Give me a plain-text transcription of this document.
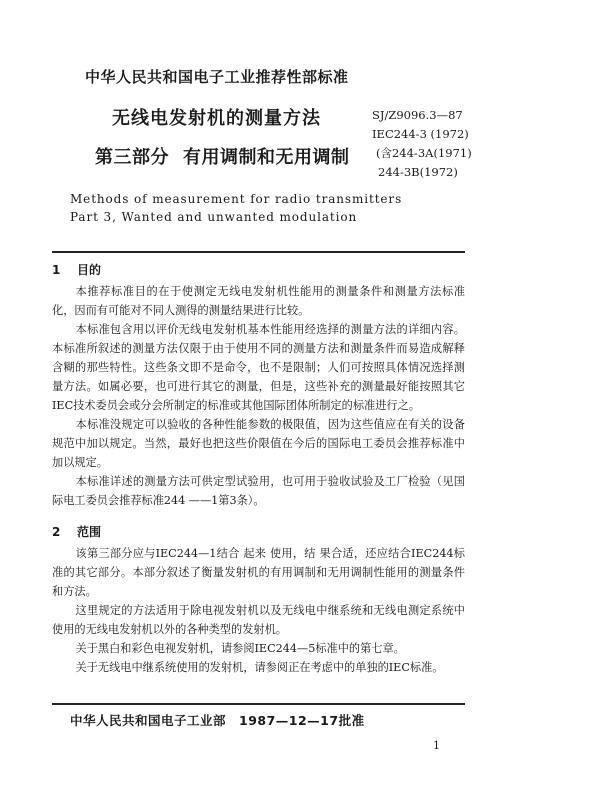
中华人民共和国电子工业推荐性部标准
无线电发射机的测量方法
第三部分 有用调制和无用调制
SJ/Z9096.3—87
IEC244-3 (1972)
(含244-3A(1971)
244-3B(1972)
Methods of measurement for radio transmitters
Part 3, Wanted and unwanted modulation
1 目的

本推荐标准目的在于使测定无线电发射机性能用的测量条件和测量方法标准化，因而有可能对不同人测得的测量结果进行比较。

本标准包含用以评价无线电发射机基本性能用经选择的测量方法的详细内容。本标准所叙述的测量方法仅限于由于使用不同的测量方法和测量条件而易造成解释含糊的那些特性。这些条文即不是命令，也不是限制；人们可按照具体情况选择测量方法。如属必要，也可进行其它的测量，但是，这些补充的测量最好能按照其它IEC技术委员会或分会所制定的标准或其他国际团体所制定的标准进行之。

本标准没规定可以验收的各种性能参数的极限值，因为这些值应在有关的设备规范中加以规定。当然，最好也把这些价限值在今后的国际电工委员会推荐标准中加以规定。

本标准详述的测量方法可供定型试验用，也可用于验收试验及工厂检验（见国际电工委员会推荐标准244 ——1第3条）。

2 范围

该第三部分应与IEC244—1结合 起来 使用，结 果合适，还应结合IEC244标准的其它部分。本部分叙述了衡量发射机的有用调制和无用调制性能用的测量条件和方法。

这里规定的方法适用于除电视发射机以及无线电中继系统和无线电测定系统中使用的无线电发射机以外的各种类型的发射机。

关于黑白和彩色电视发射机，请参阅IEC244—5标准中的第七章。

关于无线电中继系统使用的发射机，请参阅正在考虑中的单独的IEC标准。

中华人民共和国电子工业部　1987—12—17批准
1
